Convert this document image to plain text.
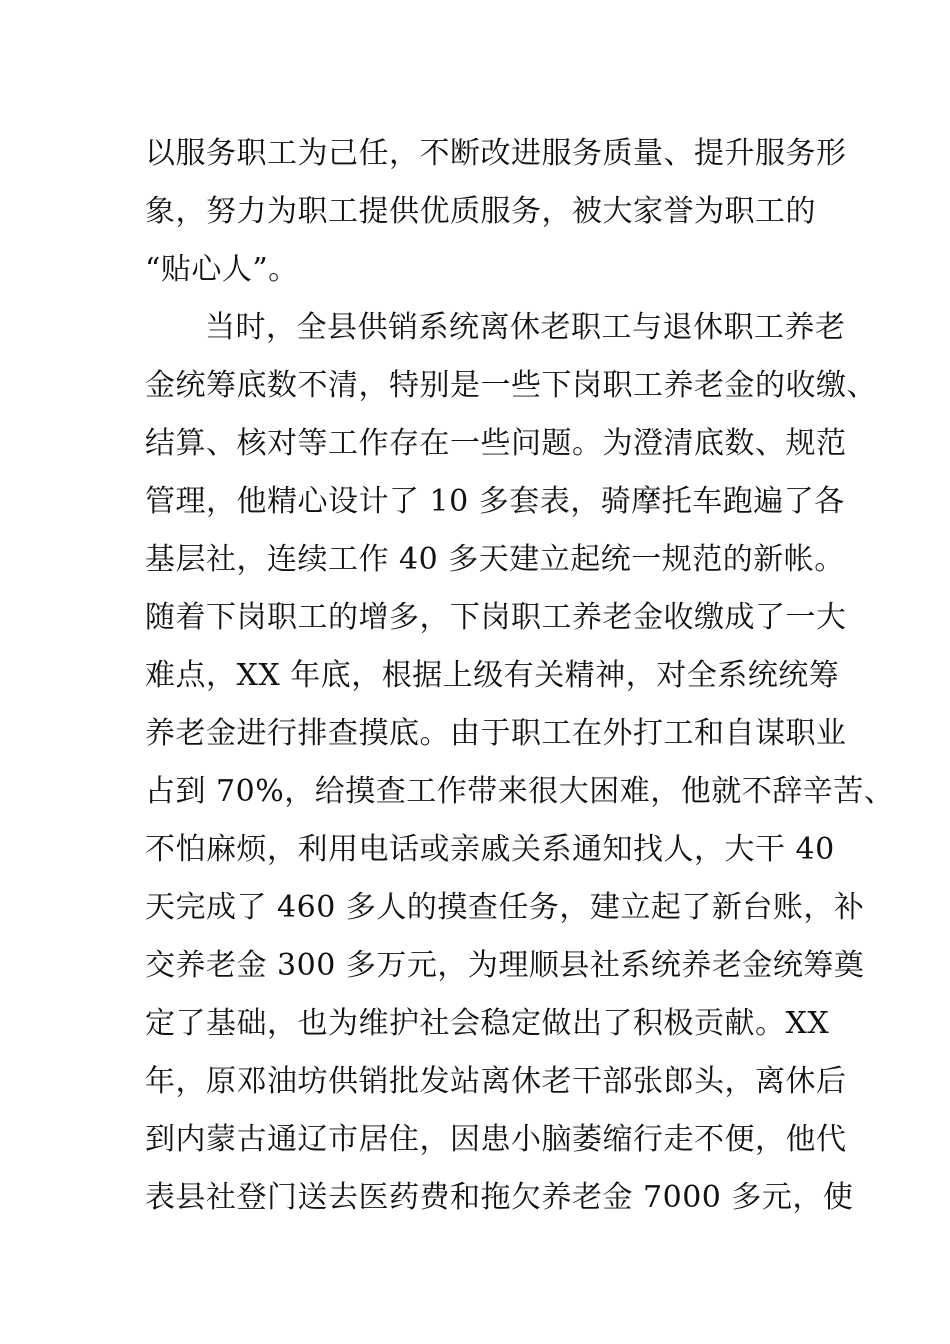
以服务职工为己任，不断改进服务质量、提升服务形
象，努力为职工提供优质服务，被大家誉为职工的
“贴心人”。
当时，全县供销系统离休老职工与退休职工养老
金统筹底数不清，特别是一些下岗职工养老金的收缴、
结算、核对等工作存在一些问题。为澄清底数、规范
管理，他精心设计了 10 多套表，骑摩托车跑遍了各
基层社，连续工作 40 多天建立起统一规范的新帐。
随着下岗职工的增多，下岗职工养老金收缴成了一大
难点，XX 年底，根据上级有关精神，对全系统统筹
养老金进行排查摸底。由于职工在外打工和自谋职业
占到 70%，给摸查工作带来很大困难，他就不辞辛苦、
不怕麻烦，利用电话或亲戚关系通知找人，大干 40
天完成了 460 多人的摸查任务，建立起了新台账，补
交养老金 300 多万元，为理顺县社系统养老金统筹奠
定了基础，也为维护社会稳定做出了积极贡献。XX
年，原邓油坊供销批发站离休老干部张郎头，离休后
到内蒙古通辽市居住，因患小脑萎缩行走不便，他代
表县社登门送去医药费和拖欠养老金 7000 多元，使
